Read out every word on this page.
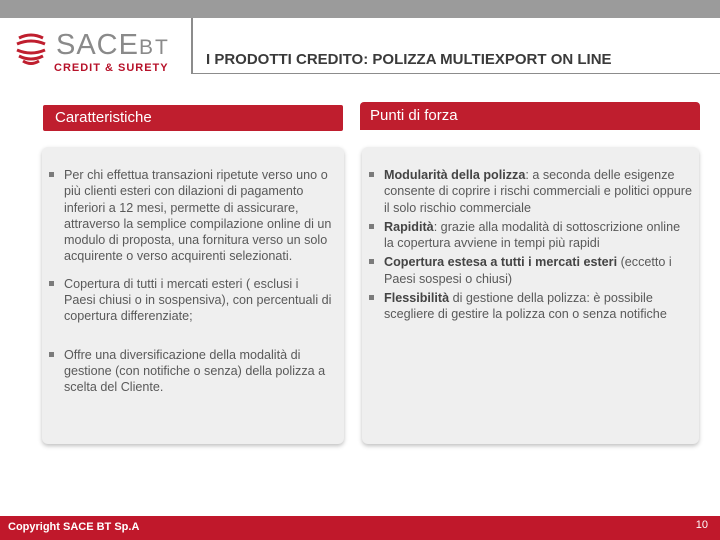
SACEBT
CREDIT & SURETY I PRODOTTI CREDITO: POLIZZA MULTIEXPORT ON LINE
Caratteristiche
Per chi effettua transazioni ripetute verso uno o più clienti esteri con dilazioni di pagamento inferiori a 12 mesi, permette di assicurare, attraverso la semplice compilazione online di un modulo di proposta, una fornitura verso un solo acquirente o verso acquirenti selezionati.
Copertura di tutti i mercati esteri ( esclusi i Paesi chiusi o in sospensiva), con percentuali di copertura differenziate;
Offre una diversificazione della modalità di gestione (con notifiche o senza) della polizza a scelta del Cliente.
Punti di forza
Modularità della polizza: a seconda delle esigenze consente di coprire i rischi commerciali e politici oppure il solo rischio commerciale
Rapidità: grazie alla modalità di sottoscrizione online la copertura avviene in tempi più rapidi
Copertura estesa a tutti i mercati esteri (eccetto i Paesi sospesi o chiusi)
Flessibilità di gestione della polizza: è possibile scegliere di gestire la polizza con o senza notifiche
Copyright SACE BT Sp.A	10
